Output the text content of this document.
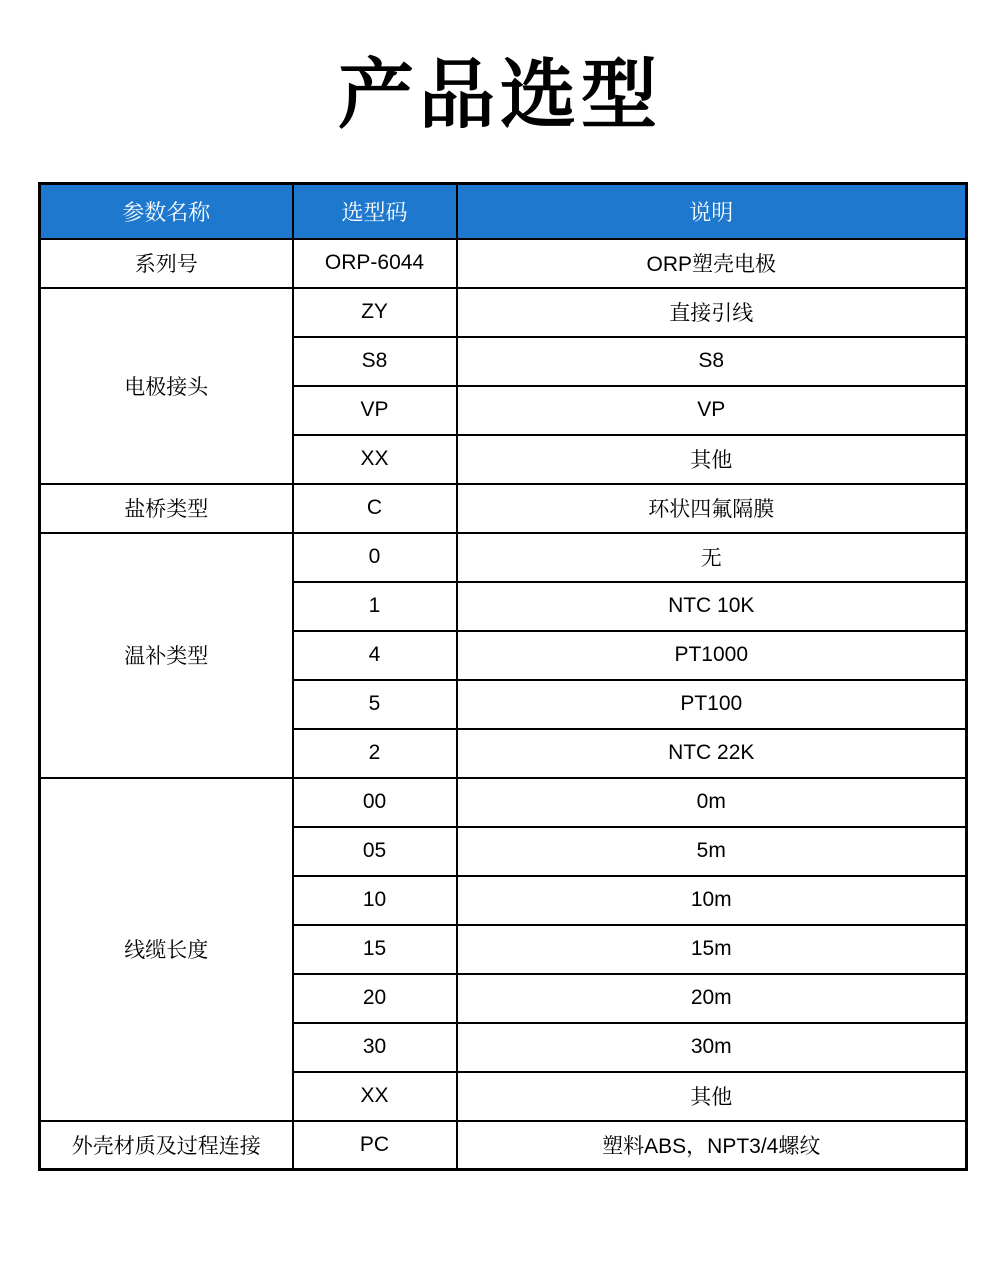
产品选型
参数名称	选型码	说明
系列号	ORP-6044	ORP塑壳电极
电极接头	ZY	直接引线
	S8	S8
	VP	VP
	XX	其他
盐桥类型	C	环状四氟隔膜
温补类型	0	无
	1	NTC 10K
	4	PT1000
	5	PT100
	2	NTC 22K
线缆长度	00	0m
	05	5m
	10	10m
	15	15m
	20	20m
	30	30m
	XX	其他
外壳材质及过程连接	PC	塑料ABS，NPT3/4螺纹
